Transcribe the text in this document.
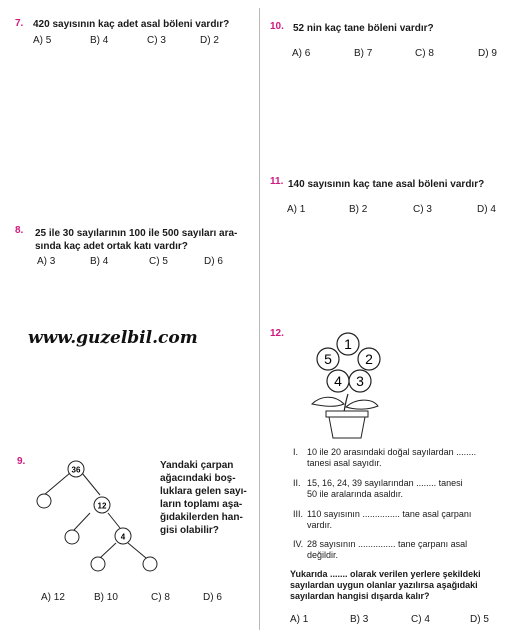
7. 420 sayısının kaç adet asal böleni vardır?
A) 5	B) 4	C) 3	D) 2
8. 25 ile 30 sayılarının 100 ile 500 sayıları ara-
sında kaç adet ortak katı vardır?
A) 3	B) 4	C) 5	D) 6
www.guzelbil.com
9.
36
12
4
Yandaki çarpan
ağacındaki boş-
luklara gelen sayı-
ların toplamı aşa-
ğıdakilerden han-
gisi olabilir?
A) 12	B) 10	C) 8	D) 6
10. 52 nin kaç tane böleni vardır?
A) 6	B) 7	C) 8	D) 9
11. 140 sayısının kaç tane asal böleni vardır?
A) 1	B) 2	C) 3	D) 4
12.
1
5 2
4 3
I. 10 ile 20 arasındaki doğal sayılardan ........
tanesi asal sayıdır.
II. 15, 16, 24, 39 sayılarından ........ tanesi
50 ile aralarında asaldır.
III. 110 sayısının ............... tane asal çarpanı
vardır.
IV. 28 sayısının ............... tane çarpanı asal
değildir.
Yukarıda ....... olarak verilen yerlere şekildeki
sayılardan uygun olanlar yazılırsa aşağıdaki
sayılardan hangisi dışarda kalır?
A) 1	B) 3	C) 4	D) 5
